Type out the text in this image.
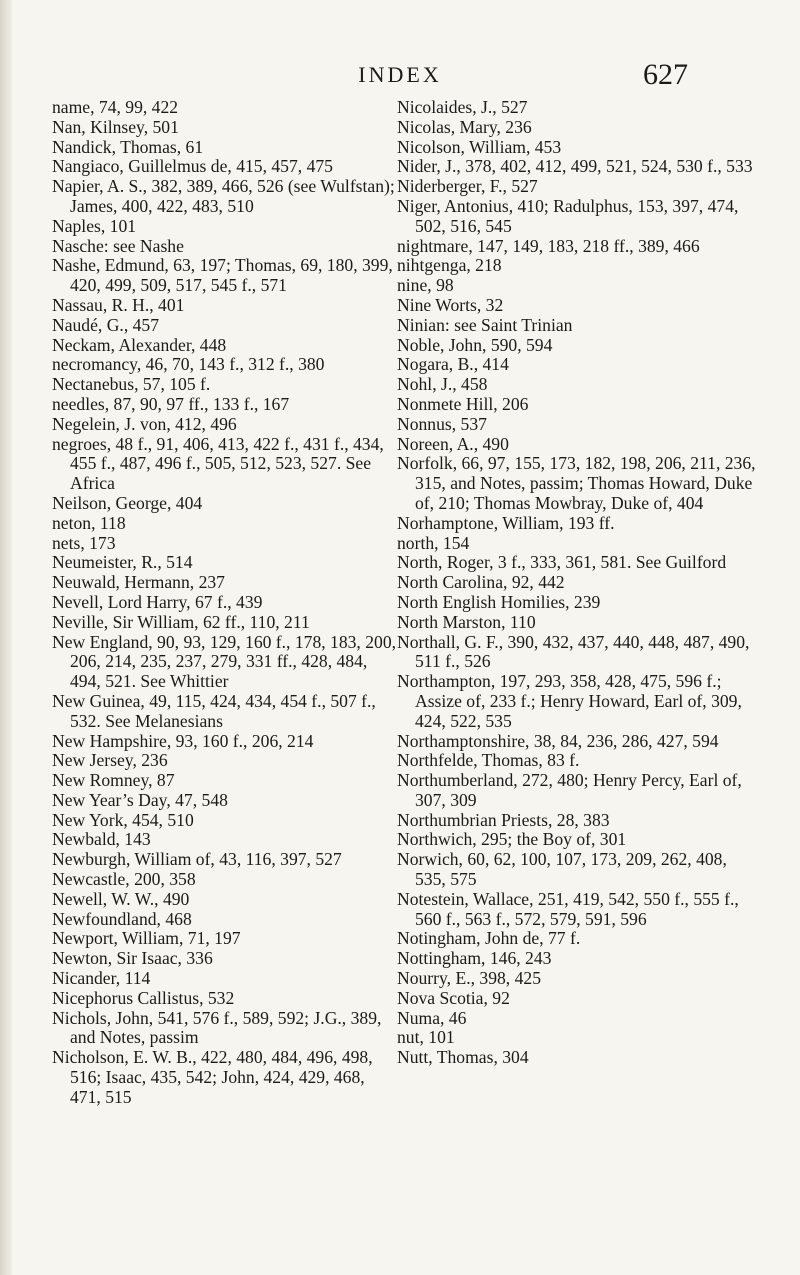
INDEX	627

name, 74, 99, 422

Nan, Kilnsey, 501

Nandick, Thomas, 61

Nangiaco, Guillelmus de, 415, 457, 475

Napier, A. S., 382, 389, 466, 526 (see Wulfstan); James, 400, 422, 483, 510

Naples, 101

Nasche: see Nashe

Nashe, Edmund, 63, 197; Thomas, 69, 180, 399, 420, 499, 509, 517, 545 f., 571

Nassau, R. H., 401

Naudé, G., 457

Neckam, Alexander, 448

necromancy, 46, 70, 143 f., 312 f., 380

Nectanebus, 57, 105 f.

needles, 87, 90, 97 ff., 133 f., 167

Negelein, J. von, 412, 496

negroes, 48 f., 91, 406, 413, 422 f., 431 f., 434, 455 f., 487, 496 f., 505, 512, 523, 527. See Africa

Neilson, George, 404

neton, 118

nets, 173

Neumeister, R., 514

Neuwald, Hermann, 237

Nevell, Lord Harry, 67 f., 439

Neville, Sir William, 62 ff., 110, 211

New England, 90, 93, 129, 160 f., 178, 183, 200, 206, 214, 235, 237, 279, 331 ff., 428, 484, 494, 521. See Whittier

New Guinea, 49, 115, 424, 434, 454 f., 507 f., 532. See Melanesians

New Hampshire, 93, 160 f., 206, 214

New Jersey, 236

New Romney, 87

New Year’s Day, 47, 548

New York, 454, 510

Newbald, 143

Newburgh, William of, 43, 116, 397, 527

Newcastle, 200, 358

Newell, W. W., 490

Newfoundland, 468

Newport, William, 71, 197

Newton, Sir Isaac, 336

Nicander, 114

Nicephorus Callistus, 532

Nichols, John, 541, 576 f., 589, 592; J.G., 389, and Notes, passim

Nicholson, E. W. B., 422, 480, 484, 496, 498, 516; Isaac, 435, 542; John, 424, 429, 468, 471, 515

Nicolaides, J., 527

Nicolas, Mary, 236

Nicolson, William, 453

Nider, J., 378, 402, 412, 499, 521, 524, 530 f., 533

Niderberger, F., 527

Niger, Antonius, 410; Radulphus, 153, 397, 474, 502, 516, 545

nightmare, 147, 149, 183, 218 ff., 389, 466

nihtgenga, 218

nine, 98

Nine Worts, 32

Ninian: see Saint Trinian

Noble, John, 590, 594

Nogara, B., 414

Nohl, J., 458

Nonmete Hill, 206

Nonnus, 537

Noreen, A., 490

Norfolk, 66, 97, 155, 173, 182, 198, 206, 211, 236, 315, and Notes, passim; Thomas Howard, Duke of, 210; Thomas Mowbray, Duke of, 404

Norhamptone, William, 193 ff.

north, 154

North, Roger, 3 f., 333, 361, 581. See Guilford

North Carolina, 92, 442

North English Homilies, 239

North Marston, 110

Northall, G. F., 390, 432, 437, 440, 448, 487, 490, 511 f., 526

Northampton, 197, 293, 358, 428, 475, 596 f.; Assize of, 233 f.; Henry Howard, Earl of, 309, 424, 522, 535

Northamptonshire, 38, 84, 236, 286, 427, 594

Northfelde, Thomas, 83 f.

Northumberland, 272, 480; Henry Percy, Earl of, 307, 309

Northumbrian Priests, 28, 383

Northwich, 295; the Boy of, 301

Norwich, 60, 62, 100, 107, 173, 209, 262, 408, 535, 575

Notestein, Wallace, 251, 419, 542, 550 f., 555 f., 560 f., 563 f., 572, 579, 591, 596

Notingham, John de, 77 f.

Nottingham, 146, 243

Nourry, E., 398, 425

Nova Scotia, 92

Numa, 46

nut, 101

Nutt, Thomas, 304
